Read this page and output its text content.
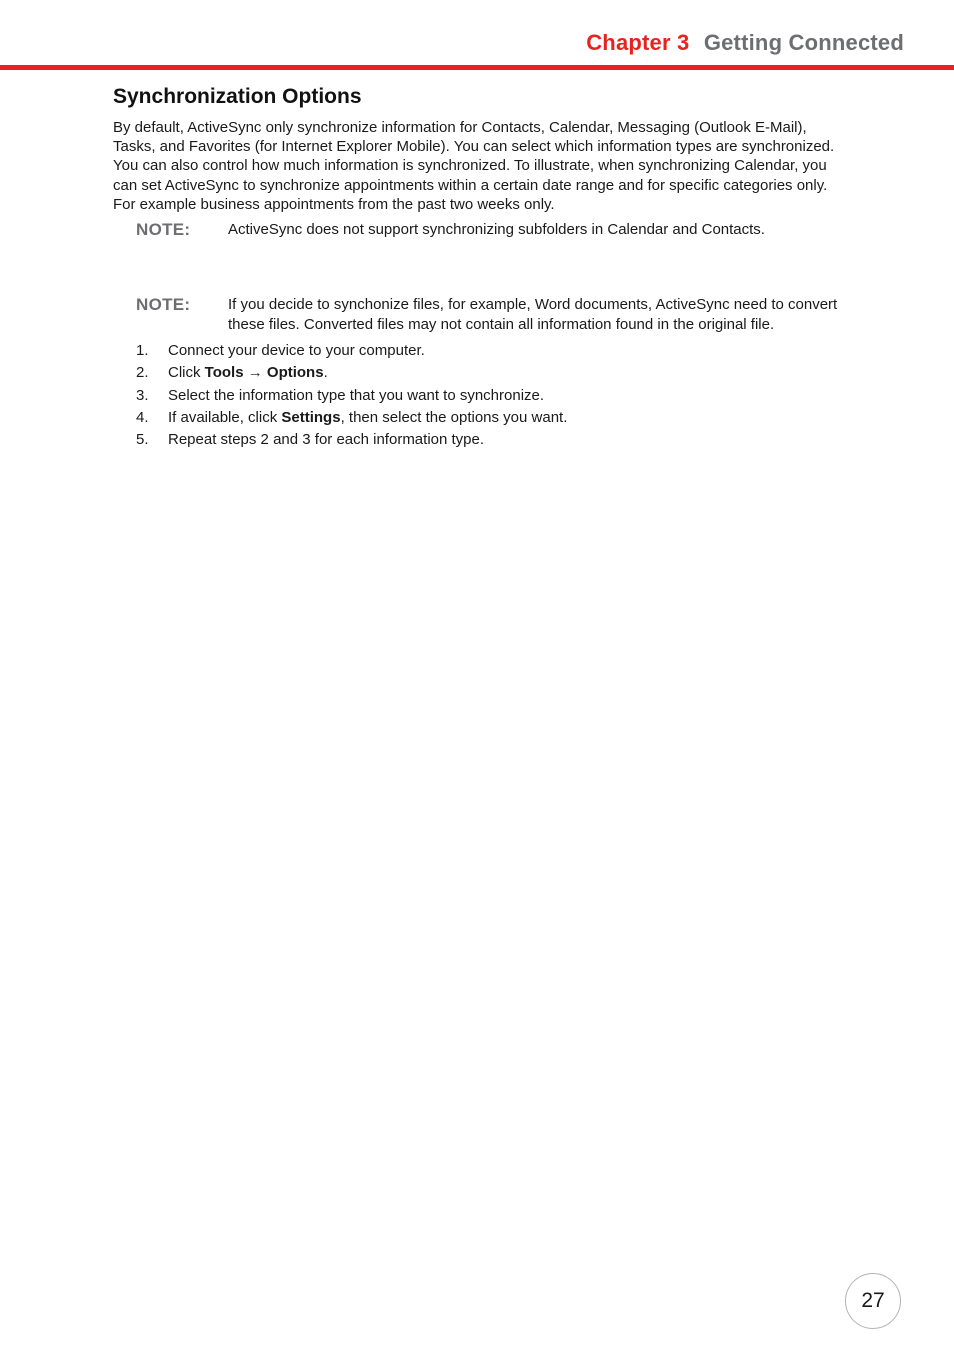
Chapter 3 Getting Connected
Synchronization Options

By default, ActiveSync only synchronize information for Contacts, Calendar, Messaging (Outlook E-Mail), Tasks, and Favorites (for Internet Explorer Mobile). You can select which information types are synchronized. You can also control how much information is synchronized. To illustrate, when synchronizing Calendar, you can set ActiveSync to synchronize appointments within a certain date range and for specific categories only. For example business appointments from the past two weeks only.

NOTE:	ActiveSync does not support synchronizing subfolders in Calendar and Contacts.
NOTE:	If you decide to synchonize files, for example, Word documents, ActiveSync need to convert these files. Converted files may not contain all information found in the original file.
1.	Connect your device to your computer.
2.	Click Tools → Options.
3.	Select the information type that you want to synchronize.
4.	If available, click Settings, then select the options you want.
5.	Repeat steps 2 and 3 for each information type.
27
